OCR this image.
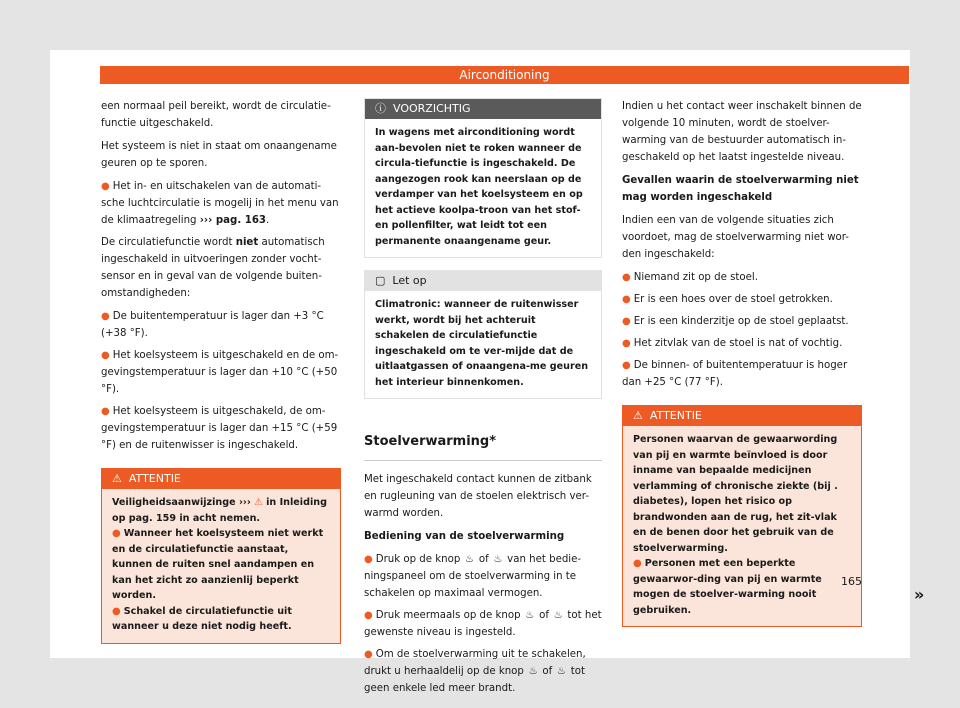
Airconditioning

een normaal peil bereikt, wordt de circulatie-functie uitgeschakeld.

Het systeem is niet in staat om onaangename geuren op te sporen.

● Het in- en uitschakelen van de automati-sche luchtcirculatie is mogelij in het menu van de klimaatregeling ››› pag. 163.

De circulatiefunctie wordt niet automatisch ingeschakeld in uitvoeringen zonder vocht-sensor en in geval van de volgende buiten-omstandigheden:

● De buitentemperatuur is lager dan +3 °C (+38 °F).
● Het koelsysteem is uitgeschakeld en de om-gevingstemperatuur is lager dan +10 °C (+50 °F).
● Het koelsysteem is uitgeschakeld, de om-gevingstemperatuur is lager dan +15 °C (+59 °F) en de ruitenwisser is ingeschakeld.
⚠ ATTENTIE
Veiligheidsaanwijzinge ››› ⚠ in Inleiding op pag. 159 in acht nemen.
● Wanneer het koelsysteem niet werkt en de circulatiefunctie aanstaat, kunnen de ruiten snel aandampen en kan het zicht zo aanzienlij beperkt worden.
● Schakel de circulatiefunctie uit wanneer u deze niet nodig heeft.
ⓘ VOORZICHTIG
In wagens met airconditioning wordt aan-bevolen niet te roken wanneer de circula-tiefunctie is ingeschakeld. De aangezogen rook kan neerslaan op de verdamper van het koelsysteem en op het actieve koolpa-troon van het stof- en pollenfilter, wat leidt tot een permanente onaangename geur.
▢ Let op
Climatronic: wanneer de ruitenwisser werkt, wordt bij het achteruit schakelen de circulatiefunctie ingeschakeld om te ver-mijde dat de uitlaatgassen of onaangena-me geuren het interieur binnenkomen.
Stoelverwarming*

Met ingeschakeld contact kunnen de zitbank en rugleuning van de stoelen elektrisch ver-warmd worden.

Bediening van de stoelverwarming

● Druk op de knop ♨ of ♨ van het bedie-ningspaneel om de stoelverwarming in te schakelen op maximaal vermogen.
● Druk meermaals op de knop ♨ of ♨ tot het gewenste niveau is ingesteld.
● Om de stoelverwarming uit te schakelen, drukt u herhaaldelij op de knop ♨ of ♨ tot geen enkele led meer brandt.

Indien u het contact weer inschakelt binnen de volgende 10 minuten, wordt de stoelver-warming van de bestuurder automatisch in-geschakeld op het laatst ingestelde niveau.

Gevallen waarin de stoelverwarming niet mag worden ingeschakeld

Indien een van de volgende situaties zich voordoet, mag de stoelverwarming niet wor-den ingeschakeld:

● Niemand zit op de stoel.
● Er is een hoes over de stoel getrokken.
● Er is een kinderzitje op de stoel geplaatst.
● Het zitvlak van de stoel is nat of vochtig.
● De binnen- of buitentemperatuur is hoger dan +25 °C (77 °F).
⚠ ATTENTIE
Personen waarvan de gewaarwording van pij en warmte beïnvloed is door inname van bepaalde medicijnen verlamming of chronische ziekte (bij . diabetes), lopen het risico op brandwonden aan de rug, het zit-vlak en de benen door het gebruik van de stoelverwarming.
● Personen met een beperkte gewaarwor-ding van pij en warmte mogen de stoelver-warming nooit gebruiken.
»
165
